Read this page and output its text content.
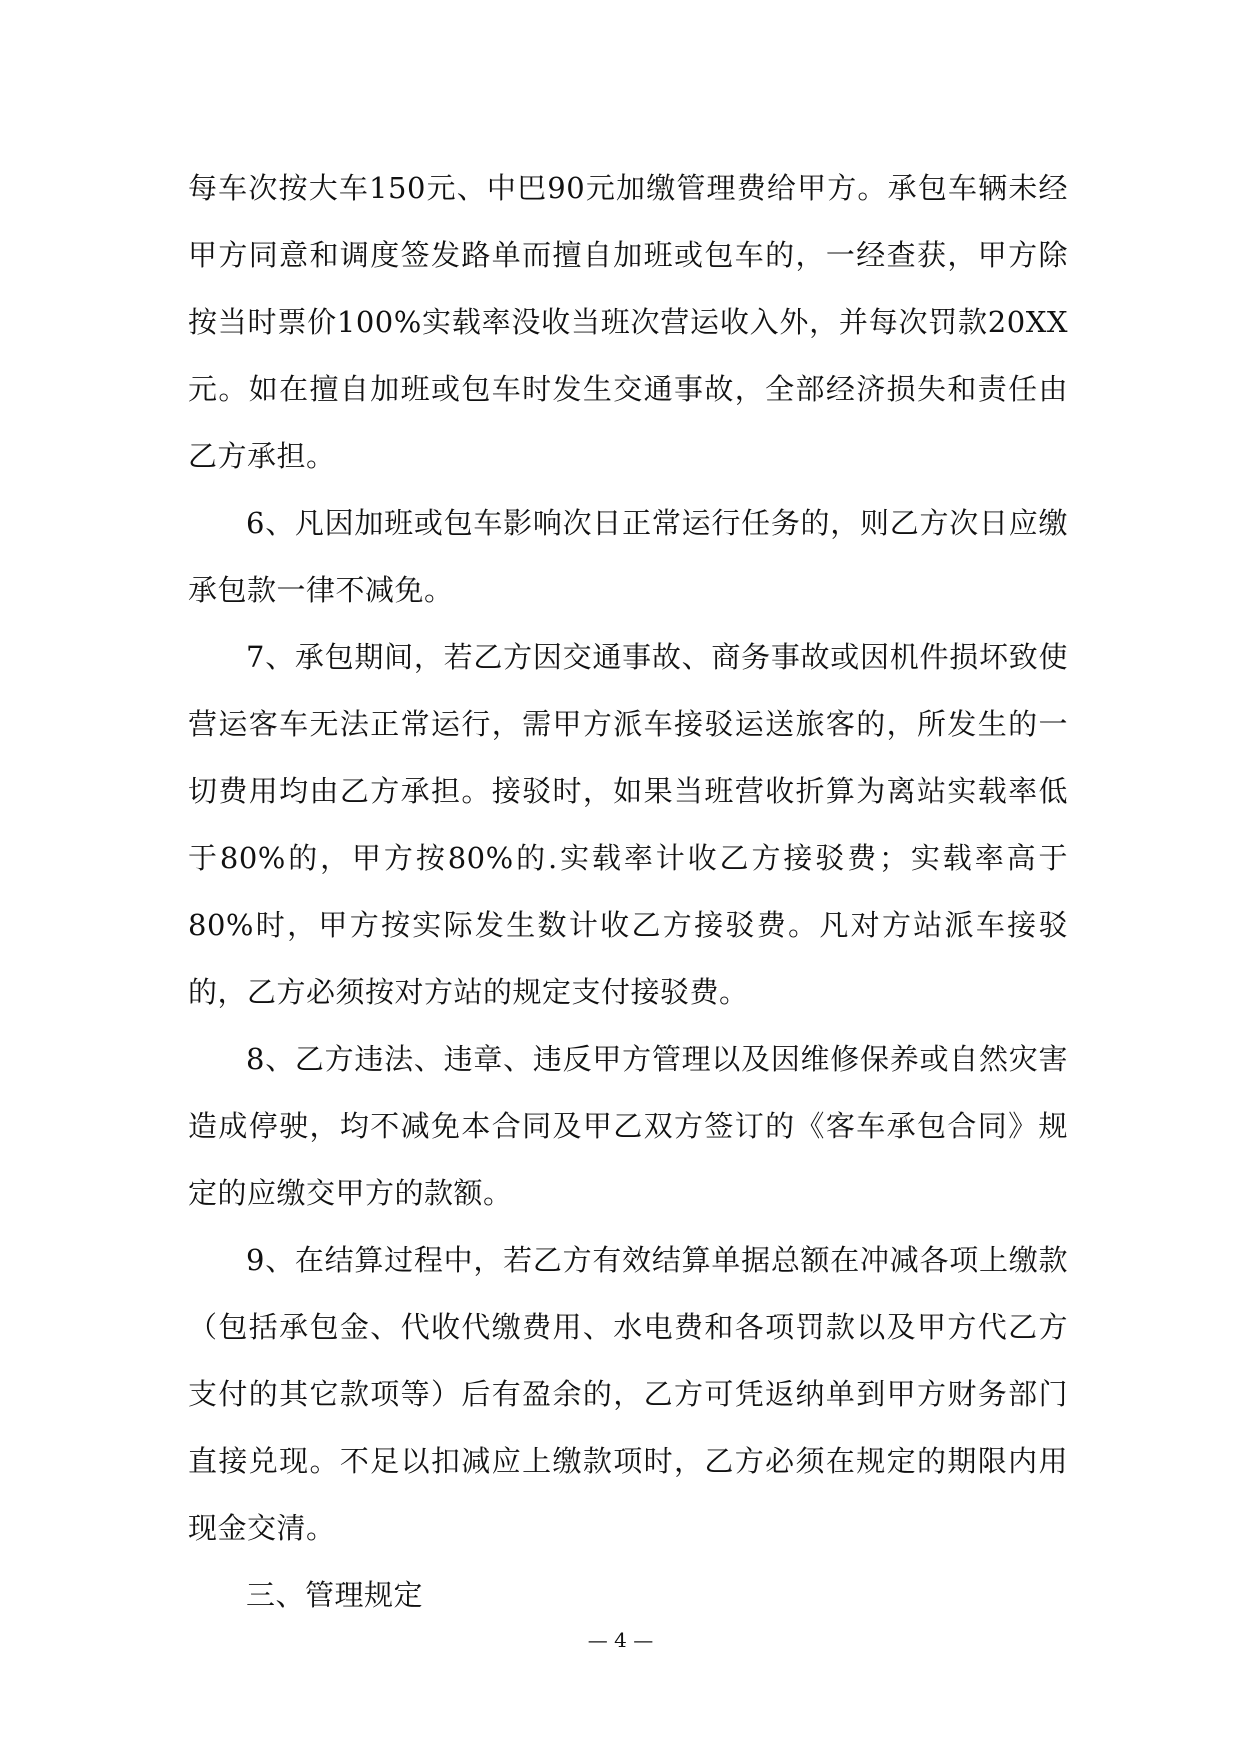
每车次按大车150元、中巴90元加缴管理费给甲方。承包车辆未经甲方同意和调度签发路单而擅自加班或包车的，一经查获，甲方除按当时票价100%实载率没收当班次营运收入外，并每次罚款20XX元。如在擅自加班或包车时发生交通事故，全部经济损失和责任由乙方承担。

6、凡因加班或包车影响次日正常运行任务的，则乙方次日应缴承包款一律不减免。

7、承包期间，若乙方因交通事故、商务事故或因机件损坏致使营运客车无法正常运行，需甲方派车接驳运送旅客的，所发生的一切费用均由乙方承担。接驳时，如果当班营收折算为离站实载率低于80%的，甲方按80%的.实载率计收乙方接驳费；实载率高于80%时，甲方按实际发生数计收乙方接驳费。凡对方站派车接驳的，乙方必须按对方站的规定支付接驳费。

8、乙方违法、违章、违反甲方管理以及因维修保养或自然灾害造成停驶，均不减免本合同及甲乙双方签订的《客车承包合同》规定的应缴交甲方的款额。

9、在结算过程中，若乙方有效结算单据总额在冲减各项上缴款（包括承包金、代收代缴费用、水电费和各项罚款以及甲方代乙方支付的其它款项等）后有盈余的，乙方可凭返纳单到甲方财务部门直接兑现。不足以扣减应上缴款项时，乙方必须在规定的期限内用现金交清。

三、管理规定

— 4 —
